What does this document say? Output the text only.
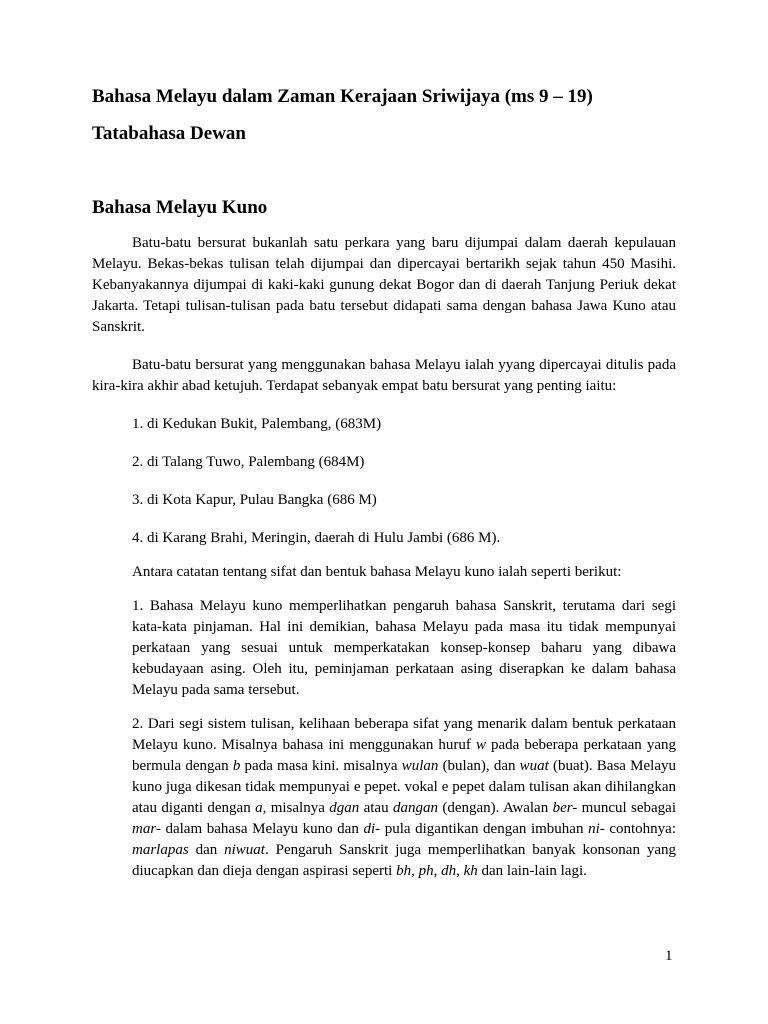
Bahasa Melayu dalam Zaman Kerajaan Sriwijaya (ms 9 – 19)
Tatabahasa Dewan
Bahasa Melayu Kuno

Batu-batu bersurat bukanlah satu perkara yang baru dijumpai dalam daerah kepulauan Melayu. Bekas-bekas tulisan telah dijumpai dan dipercayai bertarikh sejak tahun 450 Masihi. Kebanyakannya dijumpai di kaki-kaki gunung dekat Bogor dan di daerah Tanjung Periuk dekat Jakarta. Tetapi tulisan-tulisan pada batu tersebut didapati sama dengan bahasa Jawa Kuno atau Sanskrit.

Batu-batu bersurat yang menggunakan bahasa Melayu ialah yyang dipercayai ditulis pada kira-kira akhir abad ketujuh. Terdapat sebanyak empat batu bersurat yang penting iaitu:

1. di Kedukan Bukit, Palembang, (683M)

2. di Talang Tuwo, Palembang (684M)

3. di Kota Kapur, Pulau Bangka (686 M)

4. di Karang Brahi, Meringin, daerah di Hulu Jambi (686 M).

Antara catatan tentang sifat dan bentuk bahasa Melayu kuno ialah seperti berikut:

1. Bahasa Melayu kuno memperlihatkan pengaruh bahasa Sanskrit, terutama dari segi kata-kata pinjaman. Hal ini demikian, bahasa Melayu pada masa itu tidak mempunyai perkataan yang sesuai untuk memperkatakan konsep-konsep baharu yang dibawa kebudayaan asing. Oleh itu, peminjaman perkataan asing diserapkan ke dalam bahasa Melayu pada sama tersebut.

2. Dari segi sistem tulisan, kelihaan beberapa sifat yang menarik dalam bentuk perkataan Melayu kuno. Misalnya bahasa ini menggunakan huruf w pada beberapa perkataan yang bermula dengan b pada masa kini. misalnya wulan (bulan), dan wuat (buat). Basa Melayu kuno juga dikesan tidak mempunyai e pepet. vokal e pepet dalam tulisan akan dihilangkan atau diganti dengan a, misalnya dgan atau dangan (dengan). Awalan ber- muncul sebagai mar- dalam bahasa Melayu kuno dan di- pula digantikan dengan imbuhan ni- contohnya: marlapas dan niwuat. Pengaruh Sanskrit juga memperlihatkan banyak konsonan yang diucapkan dan dieja dengan aspirasi seperti bh, ph, dh, kh dan lain-lain lagi.

1
